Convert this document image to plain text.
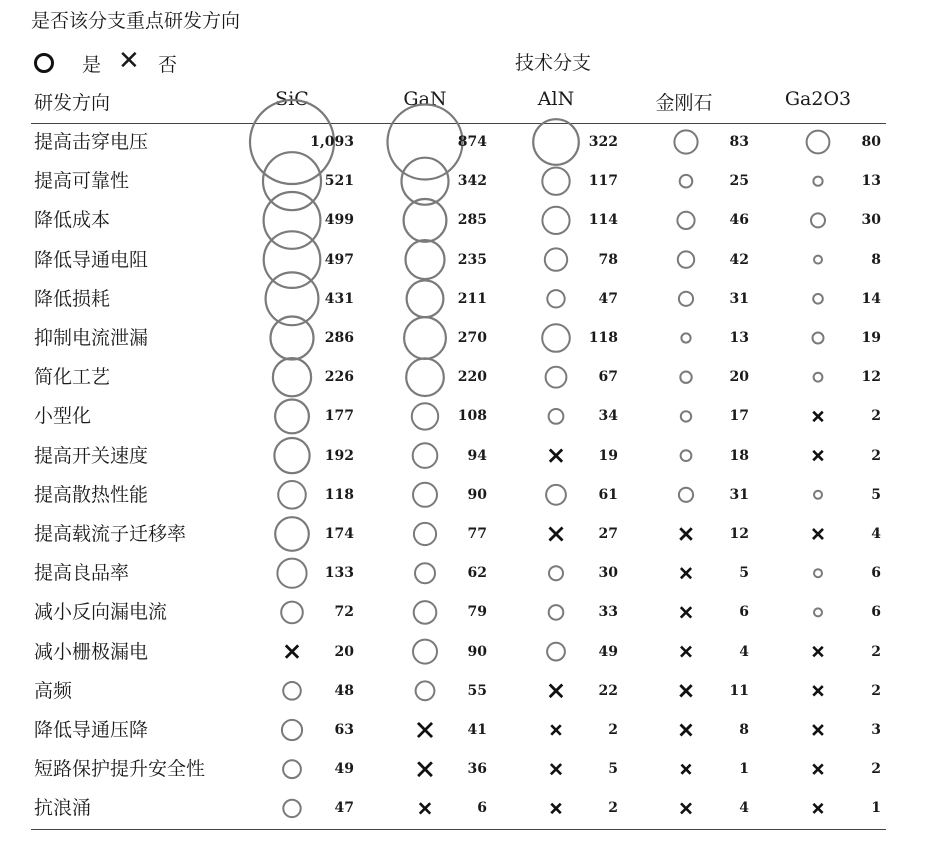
是否该分支重点研发方向
是 ✕ 否	技术分支
研发方向	SiC	GaN	AlN	金刚石	Ga2O3
提高击穿电压	1,093	874	322	83	80
提高可靠性	521	342	117	25	13
降低成本	499	285	114	46	30
降低导通电阻	497	235	78	42	8
降低损耗	431	211	47	31	14
抑制电流泄漏	286	270	118	13	19
简化工艺	226	220	67	20	12
小型化	177	108	34	17	2
提高开关速度	192	94	19	18	2
提高散热性能	118	90	61	31	5
提高载流子迁移率	174	77	27	12	4
提高良品率	133	62	30	5	6
减小反向漏电流	72	79	33	6	6
减小栅极漏电	20	90	49	4	2
高频	48	55	22	11	2
降低导通压降	63	41	2	8	3
短路保护提升安全性	49	36	5	1	2
抗浪涌	47	6	2	4	1
